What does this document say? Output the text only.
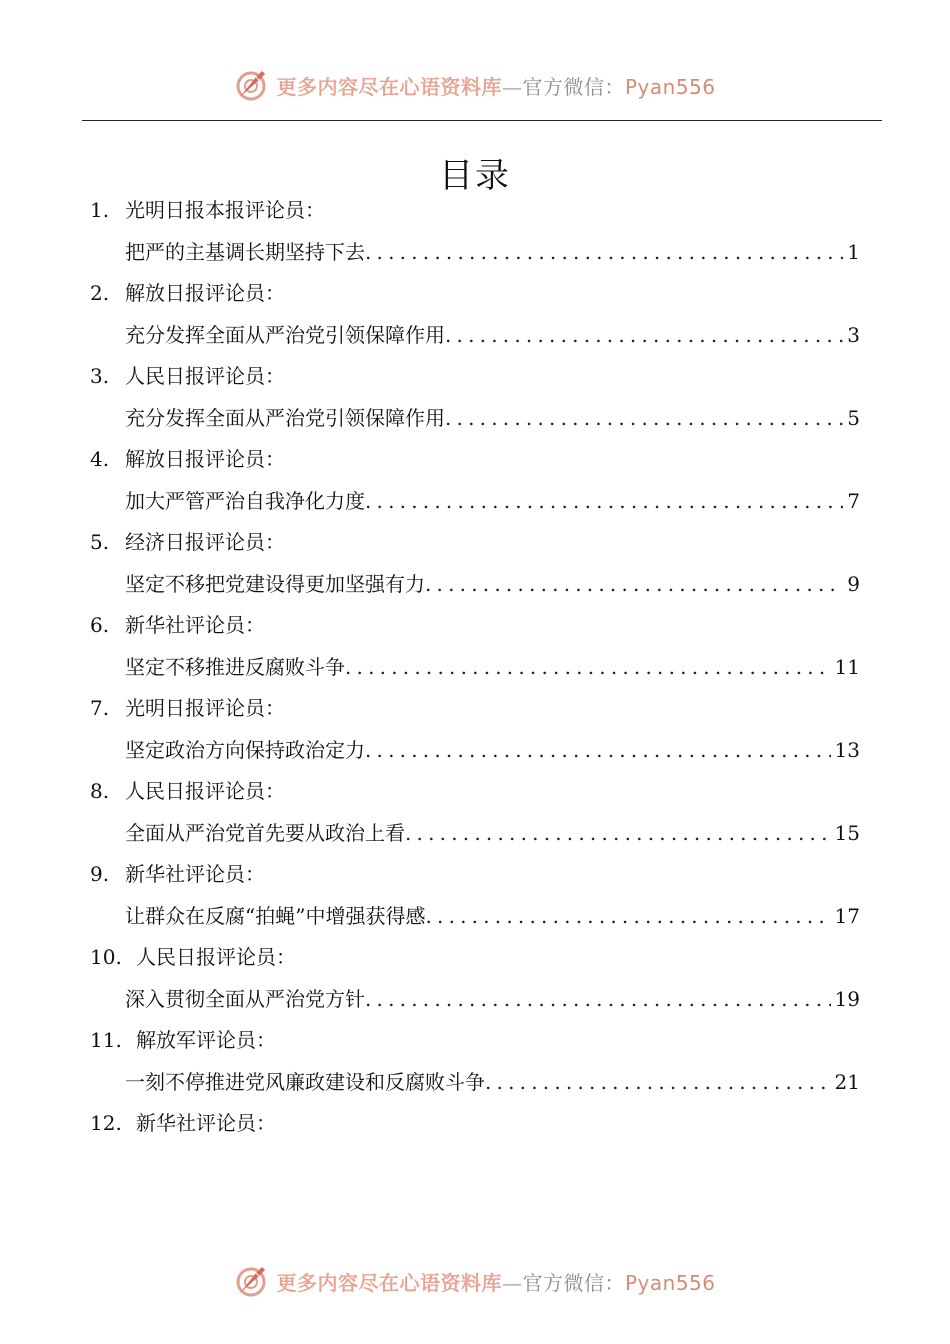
更多内容尽在心语资料库—官方微信：Pyan556
目录
1. 光明日报本报评论员：
把严的主基调长期坚持下去 .....	1
2. 解放日报评论员：
充分发挥全面从严治党引领保障作用 .....	3
3. 人民日报评论员：
充分发挥全面从严治党引领保障作用 .....	5
4. 解放日报评论员：
加大严管严治自我净化力度 .....	7
5. 经济日报评论员：
坚定不移把党建设得更加坚强有力 .....	9
6. 新华社评论员：
坚定不移推进反腐败斗争 .....	11
7. 光明日报评论员：
坚定政治方向保持政治定力 .....	13
8. 人民日报评论员：
全面从严治党首先要从政治上看 .....	15
9. 新华社评论员：
让群众在反腐“拍蝇”中增强获得感 .....	17
10. 人民日报评论员：
深入贯彻全面从严治党方针 .....	19
11. 解放军评论员：
一刻不停推进党风廉政建设和反腐败斗争 .....	21
12. 新华社评论员：
更多内容尽在心语资料库—官方微信：Pyan556
